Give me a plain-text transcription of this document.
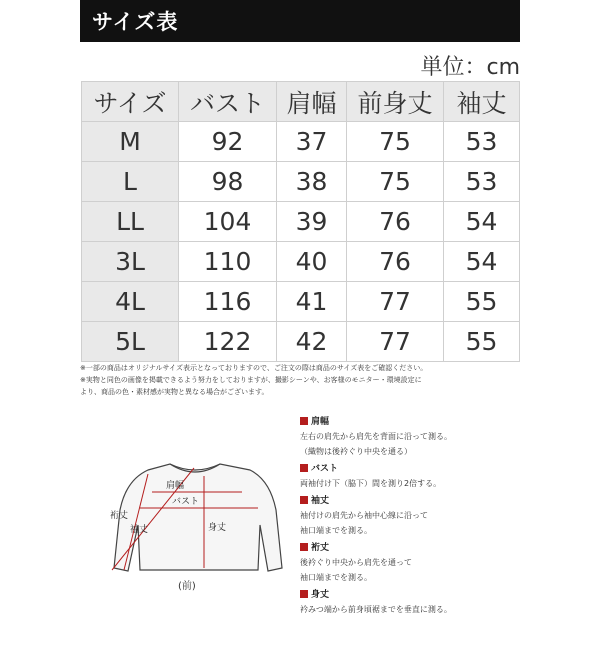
サイズ表
単位：cm
サイズ	バスト	肩幅	前身丈	袖丈
M	92	37	75	53
L	98	38	75	53
LL	104	39	76	54
3L	110	40	76	54
4L	116	41	77	55
5L	122	42	77	55
※一部の商品はオリジナルサイズ表示となっておりますので、ご注文の際は商品のサイズ表をご確認ください。
※実物と同色の画像を掲載できるよう努力をしておりますが、撮影シーンや、お客様のモニター・環境設定に
より、商品の色・素材感が実物と異なる場合がございます。
肩幅
バスト
身丈
裄丈
袖丈
(前)
肩幅
左右の肩先から肩先を背面に沿って測る。
（織物は後衿ぐり中央を通る）
バスト
両袖付け下（脇下）間を測り2倍する。
袖丈
袖付けの肩先から袖中心線に沿って
袖口端までを測る。
裄丈
後衿ぐり中央から肩先を通って
袖口端までを測る。
身丈
衿みつ端から前身頃裾までを垂直に測る。
